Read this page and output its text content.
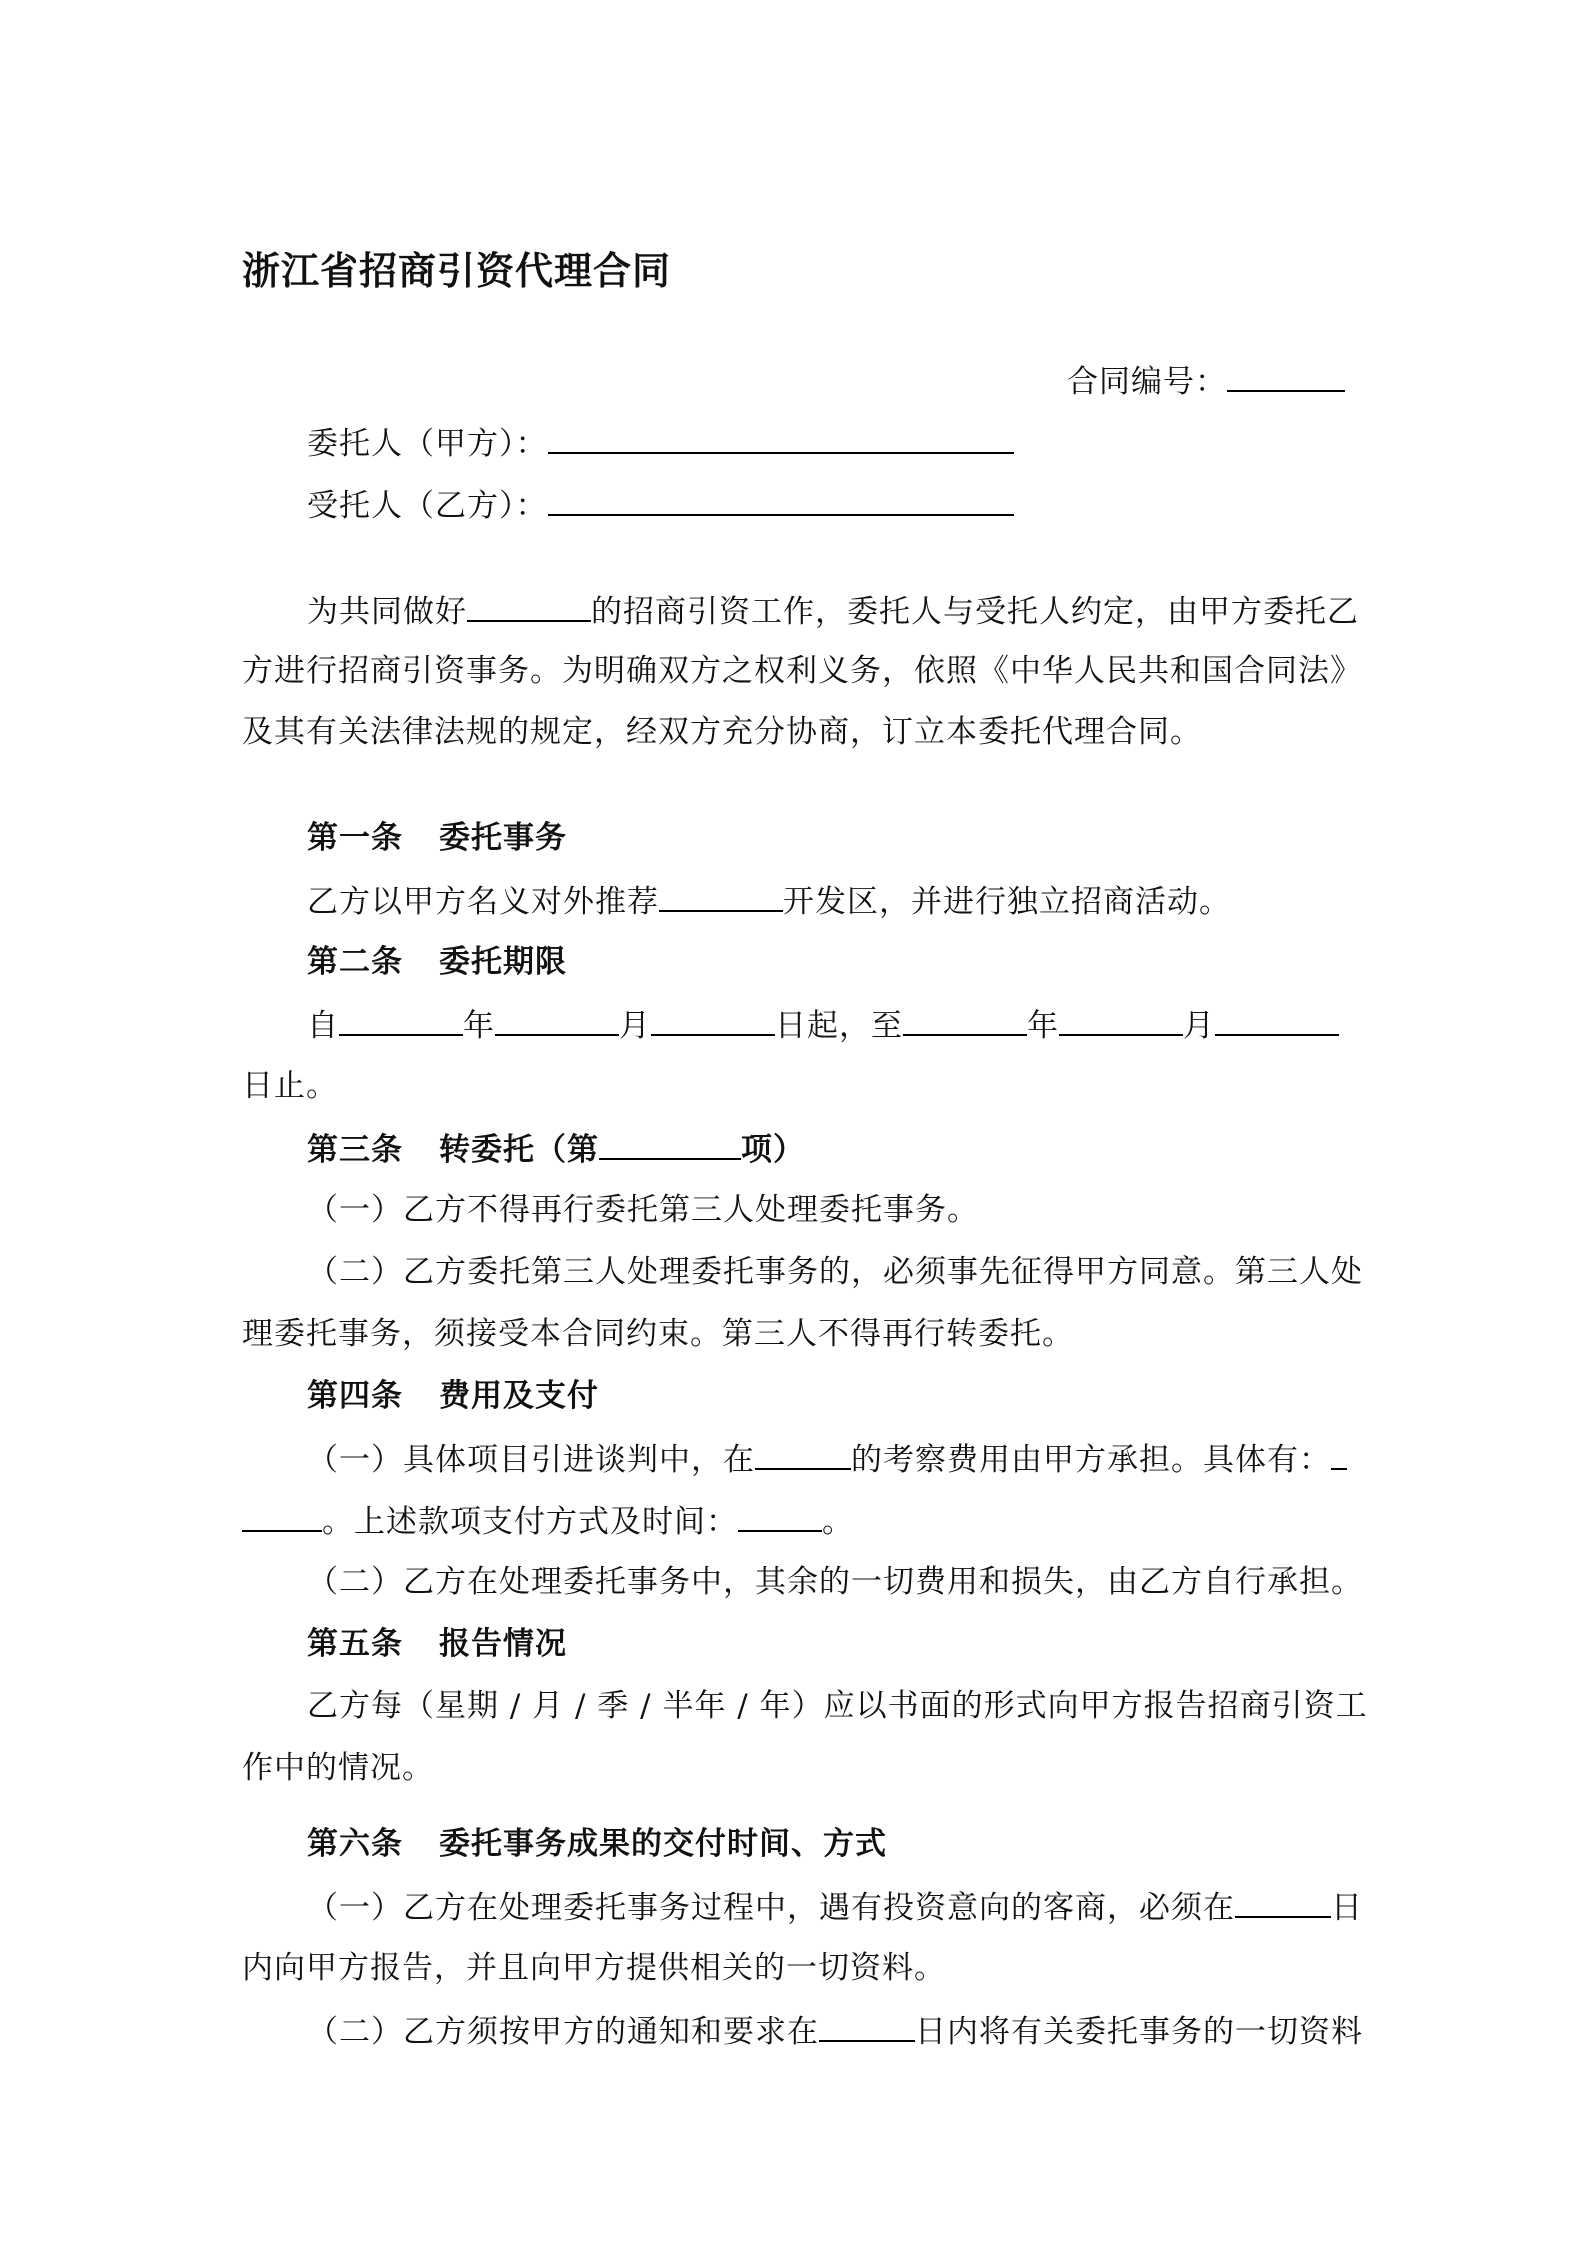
浙江省招商引资代理合同
合同编号：
委托人（甲方）：
受托人（乙方）：
为共同做好	的招商引资工作，委托人与受托人约定，由甲方委托乙
方进行招商引资事务。为明确双方之权利义务，依照《中华人民共和国合同法》
及其有关法律法规的规定，经双方充分协商，订立本委托代理合同。
第一条 委托事务
乙方以甲方名义对外推荐	开发区，并进行独立招商活动。
第二条 委托期限
自	年	月	日起，至	年	月
日止。
第三条 转委托（第	项）
（一）乙方不得再行委托第三人处理委托事务。
（二）乙方委托第三人处理委托事务的，必须事先征得甲方同意。第三人处
理委托事务，须接受本合同约束。第三人不得再行转委托。
第四条 费用及支付
（一）具体项目引进谈判中，在	的考察费用由甲方承担。具体有：
。上述款项支付方式及时间：	。
（二）乙方在处理委托事务中，其余的一切费用和损失，由乙方自行承担。
第五条 报告情况
乙方每（星期 / 月 / 季 / 半年 / 年）应以书面的形式向甲方报告招商引资工
作中的情况。
第六条 委托事务成果的交付时间、方式
（一）乙方在处理委托事务过程中，遇有投资意向的客商，必须在	日
内向甲方报告，并且向甲方提供相关的一切资料。
（二）乙方须按甲方的通知和要求在	日内将有关委托事务的一切资料
